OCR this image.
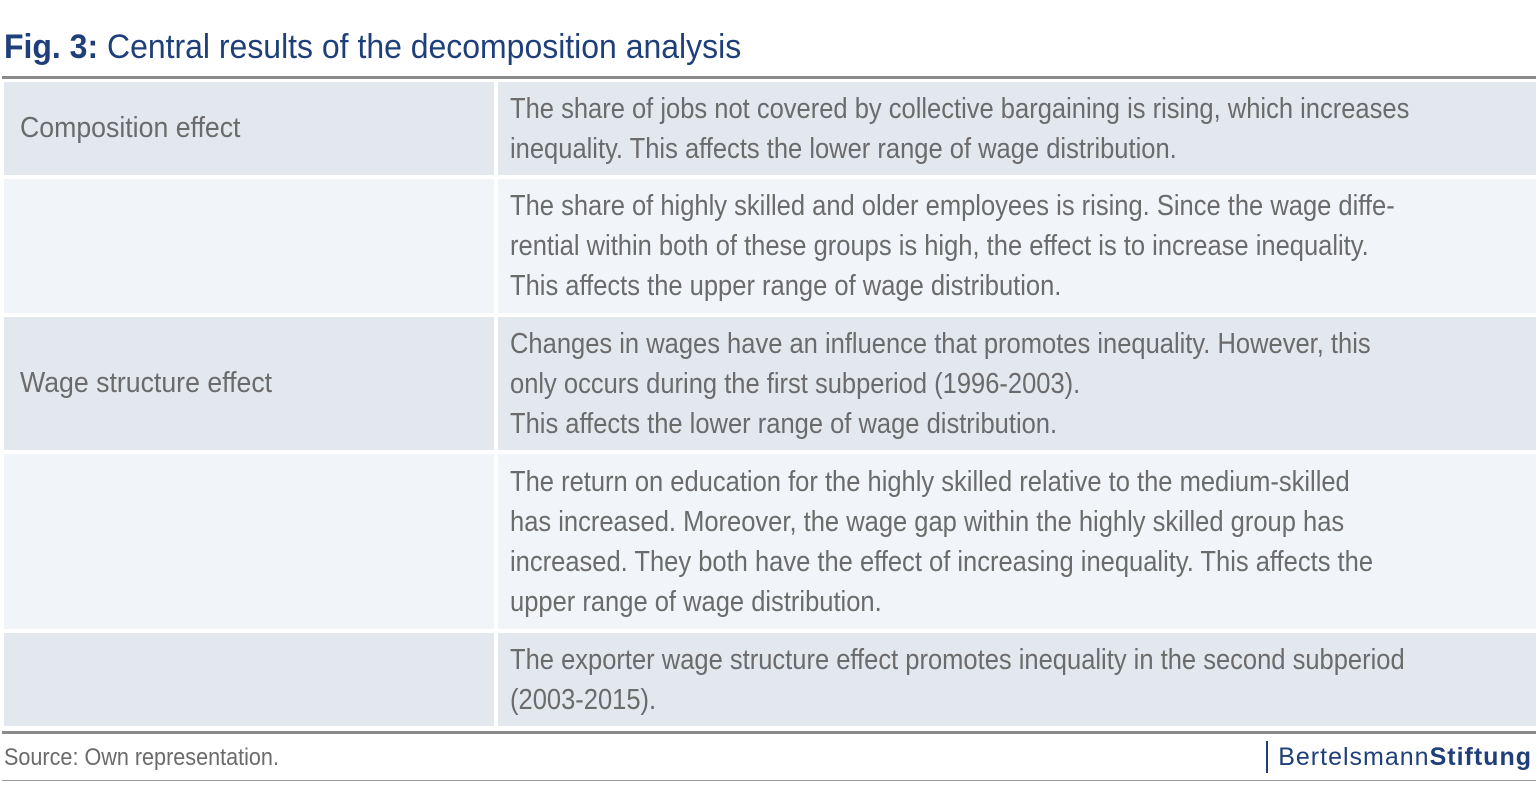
Fig. 3: Central results of the decomposition analysis
Composition effect
The share of jobs not covered by collective bargaining is rising, which increases
inequality. This affects the lower range of wage distribution.
The share of highly skilled and older employees is rising. Since the wage diffe-
rential within both of these groups is high, the effect is to increase inequality.
This affects the upper range of wage distribution.
Wage structure effect
Changes in wages have an influence that promotes inequality. However, this
only occurs during the first subperiod (1996-2003).
This affects the lower range of wage distribution.
The return on education for the highly skilled relative to the medium-skilled
has increased. Moreover, the wage gap within the highly skilled group has
increased. They both have the effect of increasing inequality. This affects the
upper range of wage distribution.
The exporter wage structure effect promotes inequality in the second subperiod
(2003-2015).
Source: Own representation.	BertelsmannStiftung
